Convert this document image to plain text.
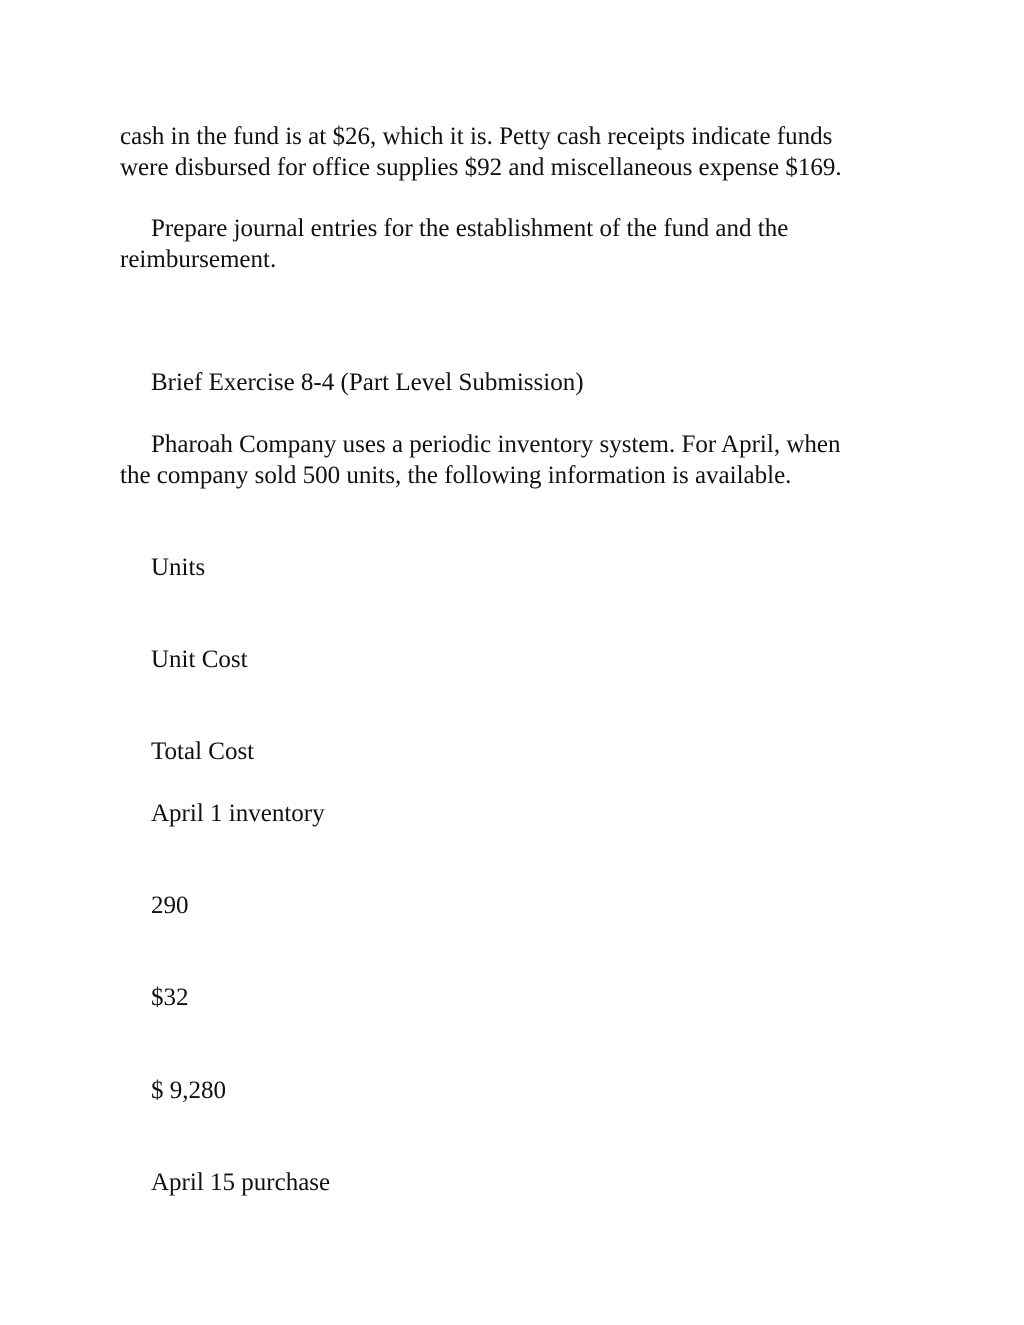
cash in the fund is at $26, which it is. Petty cash receipts indicate funds
were disbursed for office supplies $92 and miscellaneous expense $169.

Prepare journal entries for the establishment of the fund and the
reimbursement.

Brief Exercise 8-4 (Part Level Submission)

Pharoah Company uses a periodic inventory system. For April, when
the company sold 500 units, the following information is available.

Units

Unit Cost

Total Cost

April 1 inventory

290

$32

$ 9,280

April 15 purchase
